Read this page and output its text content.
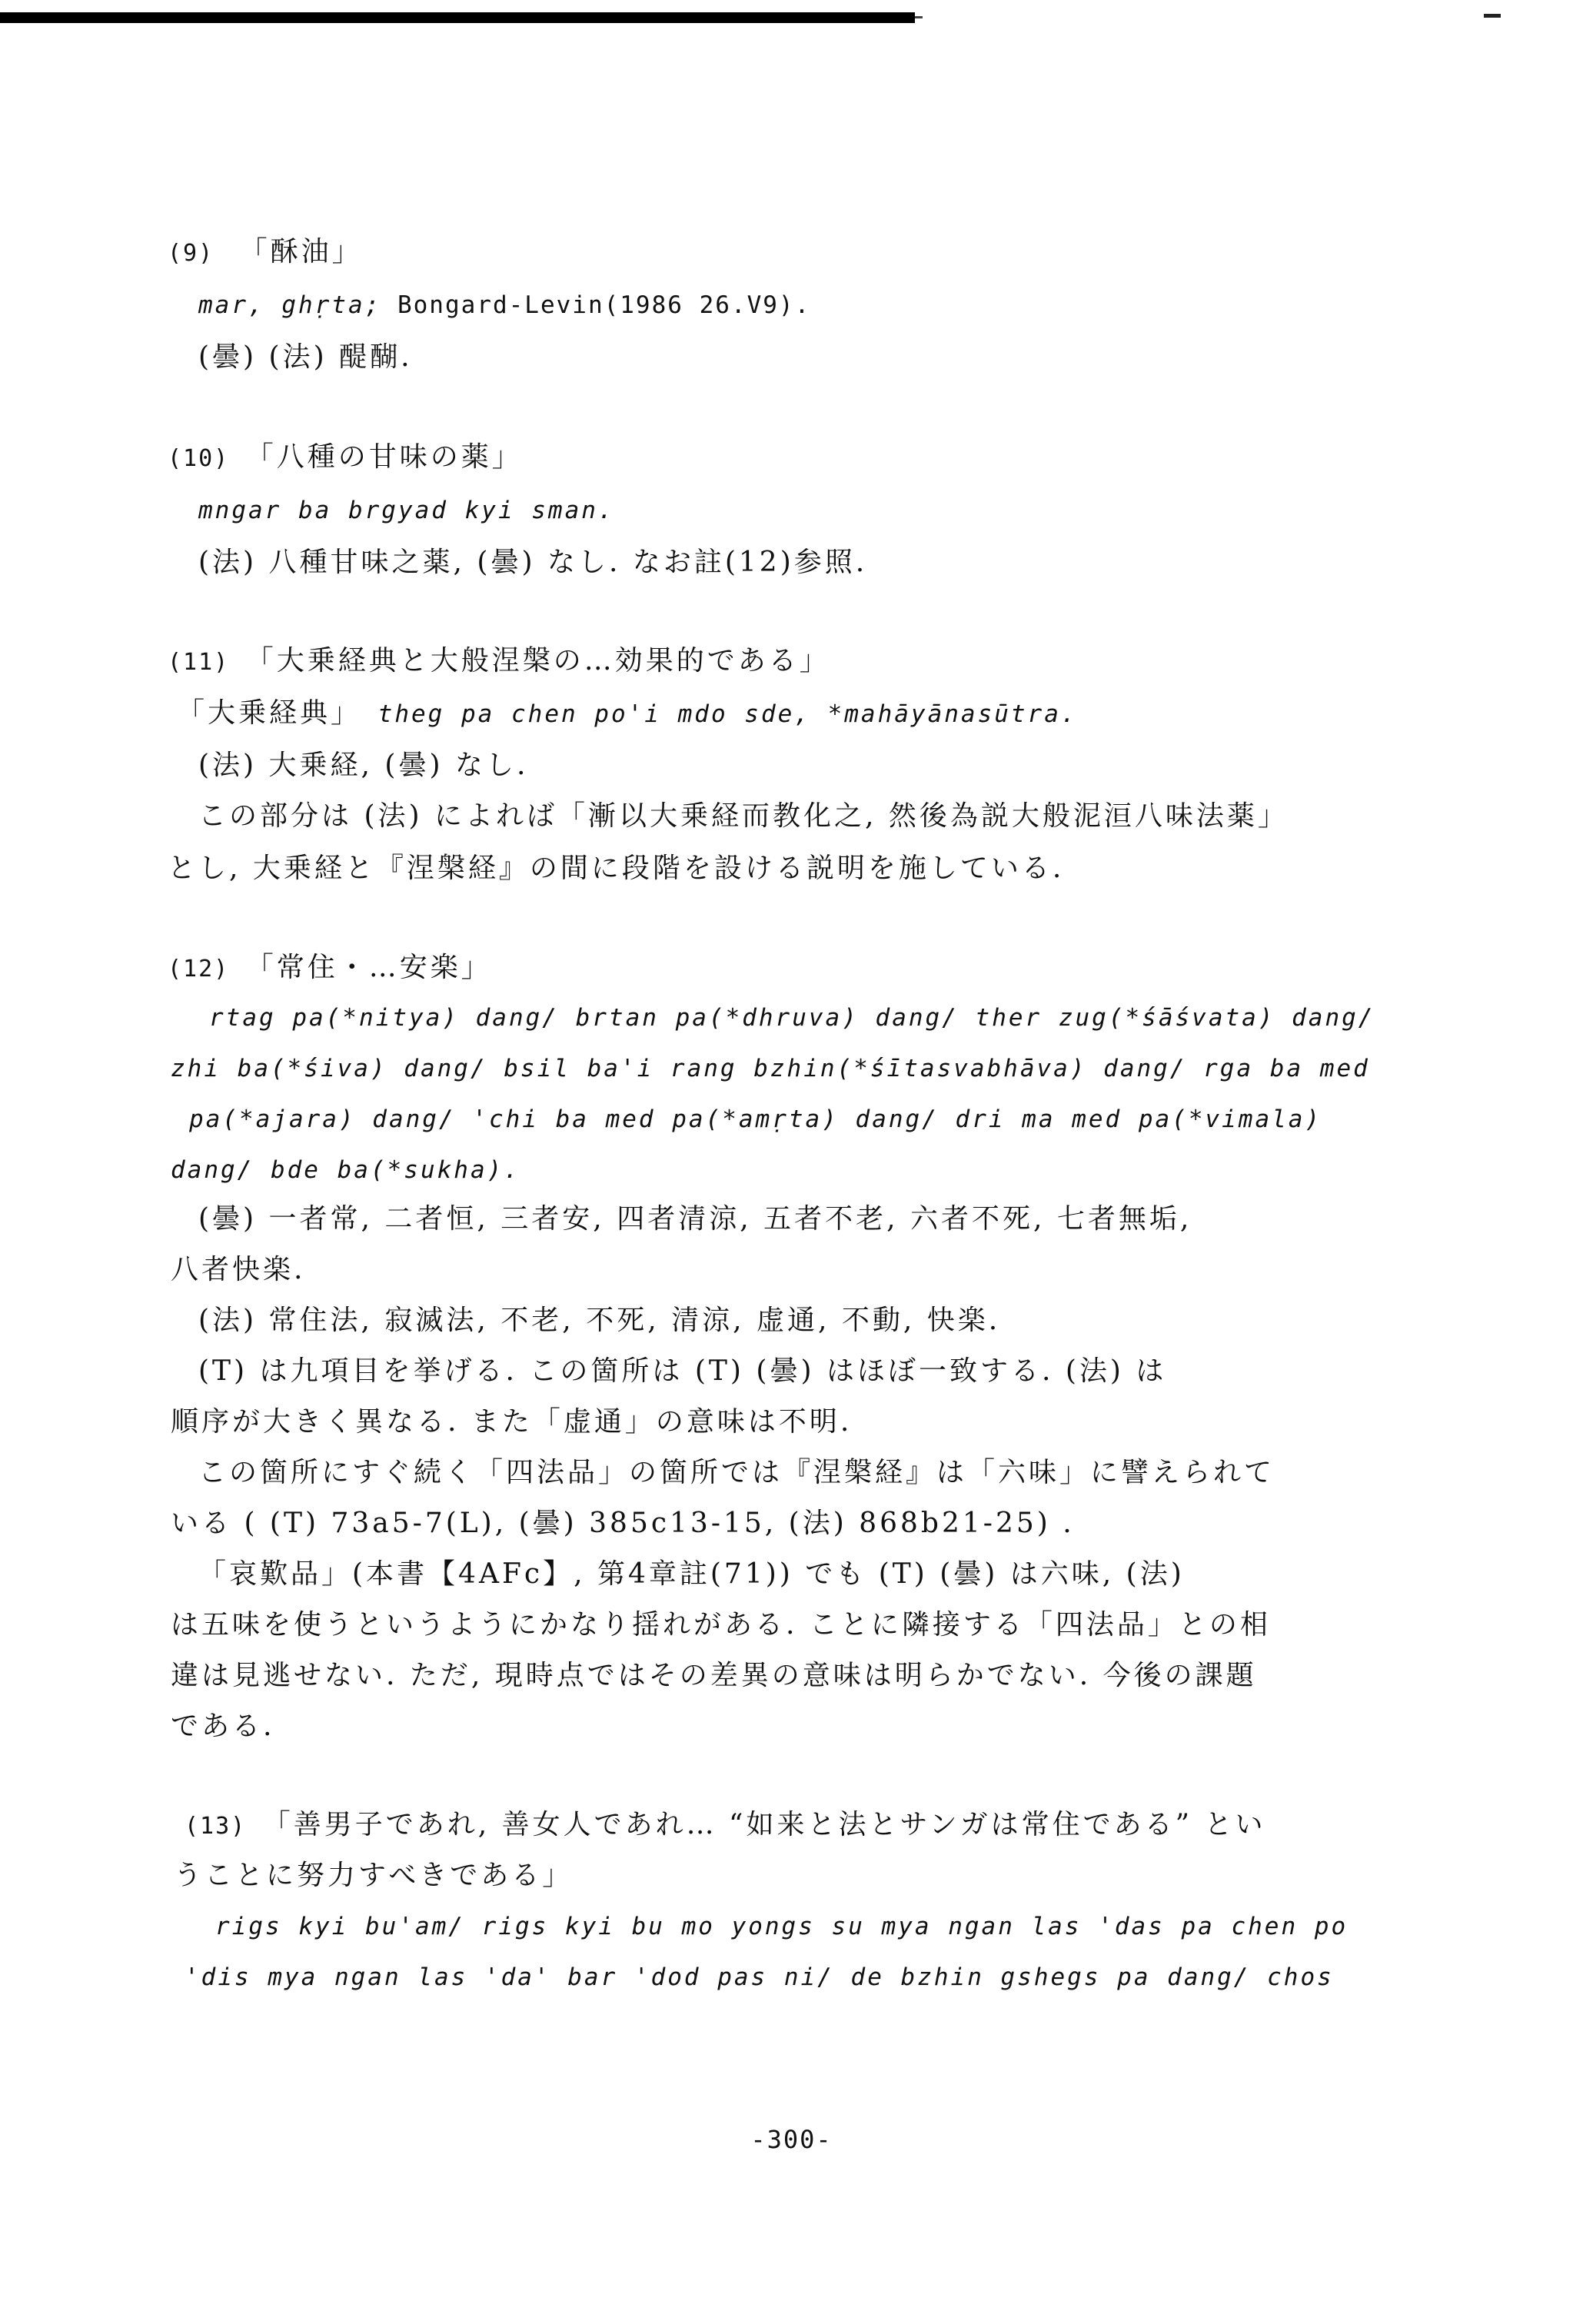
(9) 「酥油」
mar, ghṛta; Bongard-Levin(1986 26.V9).
(曇) (法) 醍醐.
(10) 「八種の甘味の薬」
mngar ba brgyad kyi sman.
(法) 八種甘味之薬, (曇) なし. なお註(12)参照.
(11) 「大乗経典と大般涅槃の…効果的である」
「大乗経典」 theg pa chen po'i mdo sde, *mahāyānasūtra.
(法) 大乗経, (曇) なし.
この部分は (法) によれば「漸以大乗経而教化之, 然後為説大般泥洹八味法薬」
とし, 大乗経と『涅槃経』の間に段階を設ける説明を施している.
(12) 「常住・…安楽」
rtag pa(*nitya) dang/ brtan pa(*dhruva) dang/ ther zug(*śāśvata) dang/
zhi ba(*śiva) dang/ bsil ba'i rang bzhin(*śītasvabhāva) dang/ rga ba med
pa(*ajara) dang/ 'chi ba med pa(*amṛta) dang/ dri ma med pa(*vimala)
dang/ bde ba(*sukha).
(曇) 一者常, 二者恒, 三者安, 四者清涼, 五者不老, 六者不死, 七者無垢,
八者快楽.
(法) 常住法, 寂滅法, 不老, 不死, 清涼, 虚通, 不動, 快楽.
(T) は九項目を挙げる. この箇所は (T) (曇) はほぼ一致する. (法) は
順序が大きく異なる. また「虚通」の意味は不明.
この箇所にすぐ続く「四法品」の箇所では『涅槃経』は「六味」に譬えられて
いる ( (T) 73a5-7(L), (曇) 385c13-15, (法) 868b21-25) .
「哀歎品」(本書【4AFc】, 第4章註(71)) でも (T) (曇) は六味, (法)
は五味を使うというようにかなり揺れがある. ことに隣接する「四法品」との相
違は見逃せない. ただ, 現時点ではその差異の意味は明らかでない. 今後の課題
である.
(13) 「善男子であれ, 善女人であれ… “如来と法とサンガは常住である” とい
うことに努力すべきである」
rigs kyi bu'am/ rigs kyi bu mo yongs su mya ngan las 'das pa chen po
'dis mya ngan las 'da' bar 'dod pas ni/ de bzhin gshegs pa dang/ chos
-300-
